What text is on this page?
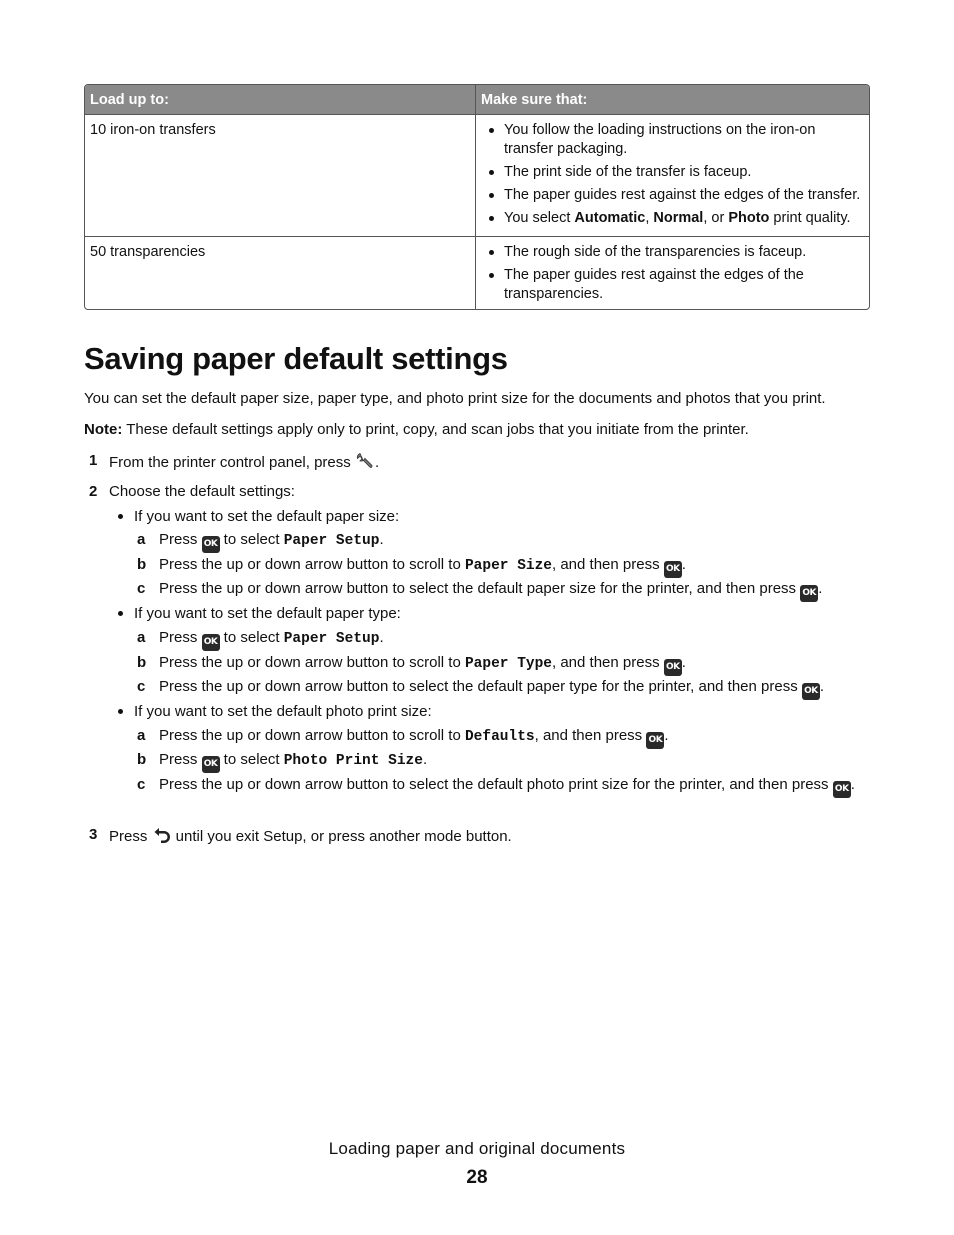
Load up to:	Make sure that:
10 iron-on transfers	You follow the loading instructions on the iron-on transfer packaging.
The print side of the transfer is faceup.
The paper guides rest against the edges of the transfer.
You select Automatic, Normal, or Photo print quality.
50 transparencies	The rough side of the transparencies is faceup.
The paper guides rest against the edges of the transparencies.
Saving paper default settings
You can set the default paper size, paper type, and photo print size for the documents and photos that you print.
Note: These default settings apply only to print, copy, and scan jobs that you initiate from the printer.
1 From the printer control panel, press .
2 Choose the default settings:
If you want to set the default paper size:
a Press OK to select Paper Setup.
b Press the up or down arrow button to scroll to Paper Size, and then press OK .
c Press the up or down arrow button to select the default paper size for the printer, and then press OK .
If you want to set the default paper type:
a Press OK to select Paper Setup.
b Press the up or down arrow button to scroll to Paper Type, and then press OK .
c Press the up or down arrow button to select the default paper type for the printer, and then press OK .
If you want to set the default photo print size:
a Press the up or down arrow button to scroll to Defaults, and then press OK .
b Press OK to select Photo Print Size.
c Press the up or down arrow button to select the default photo print size for the printer, and then press OK .
3 Press  until you exit Setup, or press another mode button.
Loading paper and original documents
28
